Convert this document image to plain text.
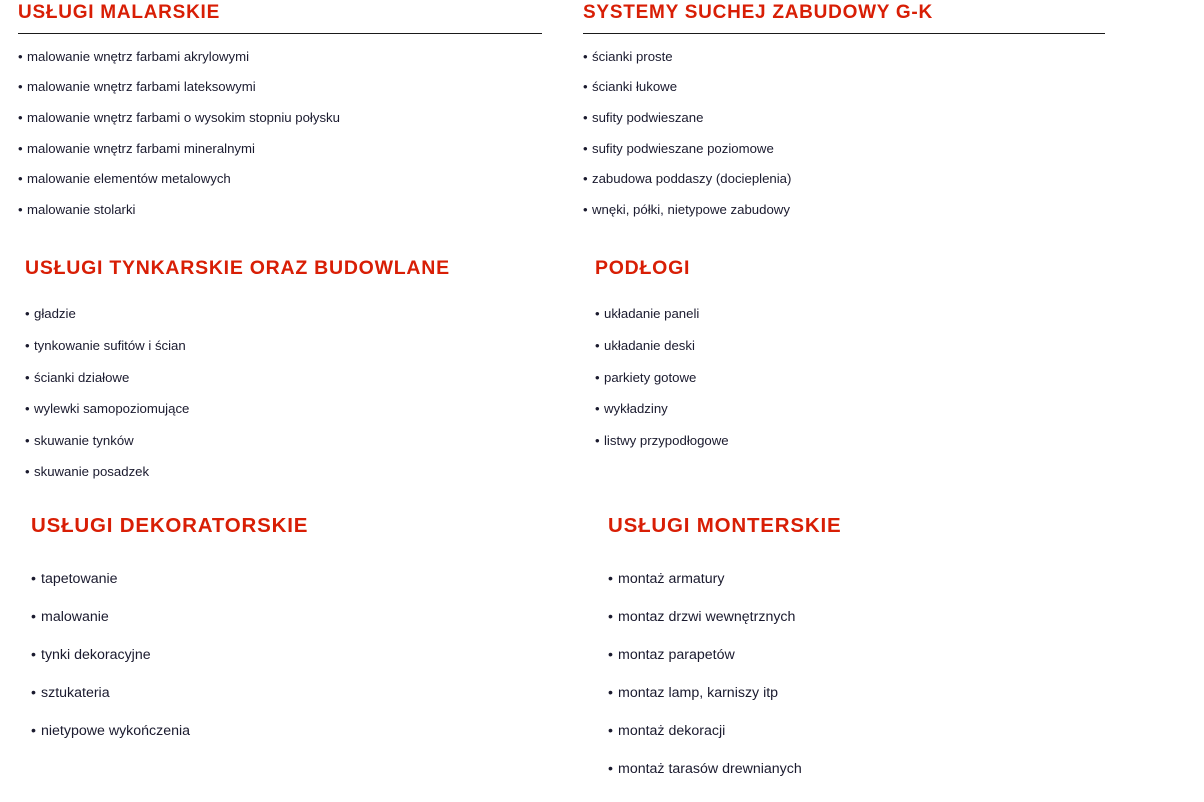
USŁUGI MALARSKIE
• malowanie wnętrz farbami akrylowymi
• malowanie wnętrz farbami lateksowymi
• malowanie wnętrz farbami o wysokim stopniu połysku
• malowanie wnętrz farbami mineralnymi
• malowanie elementów metalowych
• malowanie stolarki
SYSTEMY SUCHEJ ZABUDOWY G-K
• ścianki proste
• ścianki łukowe
• sufity podwieszane
• sufity podwieszane poziomowe
• zabudowa poddaszy (docieplenia)
• wnęki, półki, nietypowe zabudowy
USŁUGI TYNKARSKIE ORAZ BUDOWLANE
• gładzie
• tynkowanie sufitów i ścian
• ścianki działowe
• wylewki samopoziomujące
• skuwanie tynków
• skuwanie posadzek
PODŁOGI
• układanie paneli
• układanie deski
• parkiety gotowe
• wykładziny
• listwy przypodłogowe
USŁUGI DEKORATORSKIE
• tapetowanie
• malowanie
• tynki dekoracyjne
• sztukateria
• nietypowe wykończenia
USŁUGI MONTERSKIE
• montaż armatury
• montaz drzwi wewnętrznych
• montaz parapetów
• montaz lamp, karniszy itp
• montaż dekoracji
• montaż tarasów drewnianych
